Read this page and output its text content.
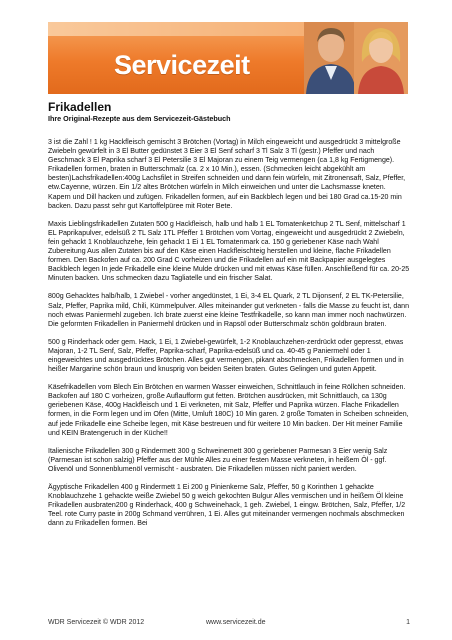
Servicezeit
Frikadellen

Ihre Original-Rezepte aus dem Servicezeit-Gästebuch

3 ist die Zahl ! 1 kg Hackfleisch gemischt 3 Brötchen (Vortag) in Milch eingeweicht und ausgedrückt 3 mittelgroße Zwiebeln gewürfelt in 3 El Butter gedünstet 3 Eier 3 El Senf scharf 3 Tl Salz 3 Tl (gestr.) Pfeffer und nach Geschmack 3 El Paprika scharf 3 El Petersilie 3 El Majoran zu einem Teig vermengen (ca 1,8 kg Fertigmenge). Frikadellen formen, braten in Butterschmalz (ca. 2 x 10 Min.), essen. (Schmecken leicht abgekühlt am besten)Lachsfrikadellen:400g Lachsfilet in Streifen schneiden und dann fein würfeln, mit Zitronensaft, Salz, Pfeffer, etw.Cayenne, würzen. Ein 1/2 altes Brötchen würfeln in Milch einweichen und unter die Lachsmasse kneten. Kapern und Dill hacken und zufügen. Frikadellen formen, auf ein Backblech legen und bei 180 Grad ca.15-20 min backen. Dazu passt sehr gut Kartoffelpüree mit Roter Bete.

Maxis Lieblingsfrikadellen Zutaten 500 g Hackfleisch, halb und halb 1 EL Tomatenketchup 2 TL Senf, mittelscharf 1 EL Paprikapulver, edelsüß 2 TL Salz 1TL Pfeffer 1 Brötchen vom Vortag, eingeweicht und ausgedrückt 2 Zwiebeln, fein gehackt 1 Knoblauchzehe, fein gehackt 1 Ei 1 EL Tomatenmark ca. 150 g geriebener Käse nach Wahl Zubereitung Aus allen Zutaten bis auf den Käse einen Hackfleischteig herstellen und kleine, flache Frikadellen formen. Den Backofen auf ca. 200 Grad C vorheizen und die Frikadellen auf ein mit Backpapier ausgelegtes Backblech legen In jede Frikadelle eine kleine Mulde drücken und mit etwas Käse füllen. Anschließend für ca. 20-25 Minuten backen. Uns schmecken dazu Tagliatelle und ein frischer Salat.

800g Gehacktes halb/halb, 1 Zwiebel - vorher angedünstet, 1 Ei, 3-4 EL Quark, 2 TL Dijonsenf, 2 EL TK-Petersilie, Salz, Pfeffer, Paprika mild, Chili, Kümmelpulver. Alles miteinander gut verkneten - falls die Masse zu feucht ist, dann noch etwas Paniermehl zugeben. Ich brate zuerst eine kleine Testfrikadelle, so kann man immer noch nachwürzen. Die geformten Frikadellen in Paniermehl drücken und in Rapsöl oder Butterschmalz schön goldbraun braten.

500 g Rinderhack oder gem. Hack, 1 Ei, 1 Zwiebel-gewürfelt, 1-2 Knoblauchzehen-zerdrückt oder gepresst, etwas Majoran, 1-2 TL Senf, Salz, Pfeffer, Paprika-scharf, Paprika-edelsüß und ca. 40-45 g Paniermehl oder 1 eingeweichtes und ausgedrücktes Brötchen. Alles gut vermengen, pikant abschmecken, Frikadellen formen und in heißer Margarine schön braun und knusprig von beiden Seiten braten. Gutes Gelingen und guten Appetit.

Käsefrikadellen vom Blech Ein Brötchen en warmen Wasser einweichen, Schnittlauch in feine Röllchen schneiden. Backofen auf 180 C vorheizen, große Auflaufform gut fetten. Brötchen ausdrücken, mit Schnittlauch, ca 130g geriebenen Käse, 400g Hackfleisch und 1 Ei verkneten, mit Salz, Pfeffer und Paprika würzen. Flache Frikadellen formen, in die Form legen und im Ofen (Mitte, Umluft 180C) 10 Min garen. 2 große Tomaten in Scheiben schneiden, auf jede Frikadelle eine Scheibe legen, mit Käse bestreuen und für weitere 10 Min backen. Der Hit meiner Familie und KEIN Bratengeruch in der Küche!!

Italienische Frikadellen 300 g Rindermett 300 g Schweinemett 300 g geriebener Parmesan 3 Eier wenig Salz (Parmesan ist schon salzig) Pfeffer aus der Mühle Alles zu einer festen Masse verkneten, in heißem Öl - ggf. Olivenöl und Sonnenblumenöl vermischt - ausbraten. Die Frikadellen müssen nicht paniert werden.

Ägyptische Frikadellen 400 g Rindermett 1 Ei 200 g Pinienkerne Salz, Pfeffer, 50 g Korinthen 1 gehackte Knoblauchzehe 1 gehackte weiße Zwiebel 50 g weich gekochten Bulgur Alles vermischen und in heißem Öl kleine Frikadellen ausbraten200 g Rinderhack, 400 g Schweinehack, 1 geh. Zwiebel, 1 eingw. Brötchen, Salz, Pfeffer, 1/2 Teel. rote Curry paste in 200g Schmand verrühren, 1 Ei. Alles gut miteinander vermengen nochmals abschmecken dann zu Frikadellen formen. Bei

WDR Servicezeit © WDR 2012	www.servicezeit.de	1
